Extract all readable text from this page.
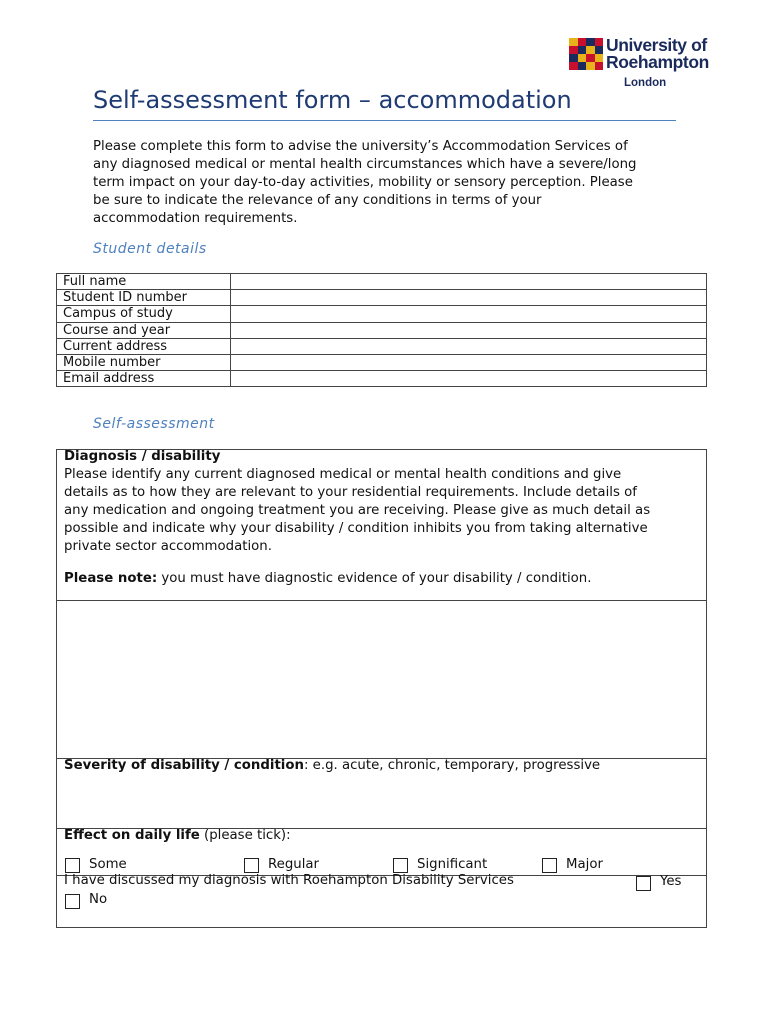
University of
Roehampton
London
Self-assessment form – accommodation
Please complete this form to advise the university’s Accommodation Services of
any diagnosed medical or mental health circumstances which have a severe/long
term impact on your day-to-day activities, mobility or sensory perception. Please
be sure to indicate the relevance of any conditions in terms of your
accommodation requirements.
Student details
Full name	
Student ID number	
Campus of study	
Course and year	
Current address	
Mobile number	
Email address	
Self-assessment
Diagnosis / disability
Please identify any current diagnosed medical or mental health conditions and give
details as to how they are relevant to your residential requirements. Include details of
any medication and ongoing treatment you are receiving. Please give as much detail as
possible and indicate why your disability / condition inhibits you from taking alternative
private sector accommodation.
Please note: you must have diagnostic evidence of your disability / condition.
Severity of disability / condition: e.g. acute, chronic, temporary, progressive
Effect on daily life (please tick):
Some	Regular	Significant	Major
I have discussed my diagnosis with Roehampton Disability Services	Yes
No
